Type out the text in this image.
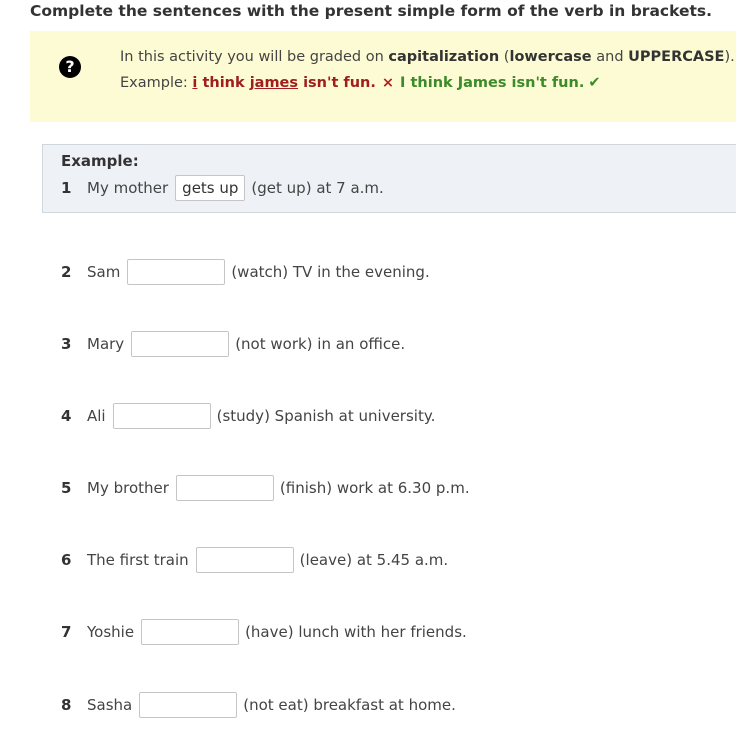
Complete the sentences with the present simple form of the verb in brackets.
?	In this activity you will be graded on capitalization (lowercase and UPPERCASE).
Example: i think james isn't fun. × I think James isn't fun. ✔
Example:
1	My mother gets up (get up) at 7 a.m.
2	Sam	(watch) TV in the evening.
3	Mary	(not work) in an office.
4	Ali	(study) Spanish at university.
5	My brother	(finish) work at 6.30 p.m.
6	The first train	(leave) at 5.45 a.m.
7	Yoshie	(have) lunch with her friends.
8	Sasha	(not eat) breakfast at home.
